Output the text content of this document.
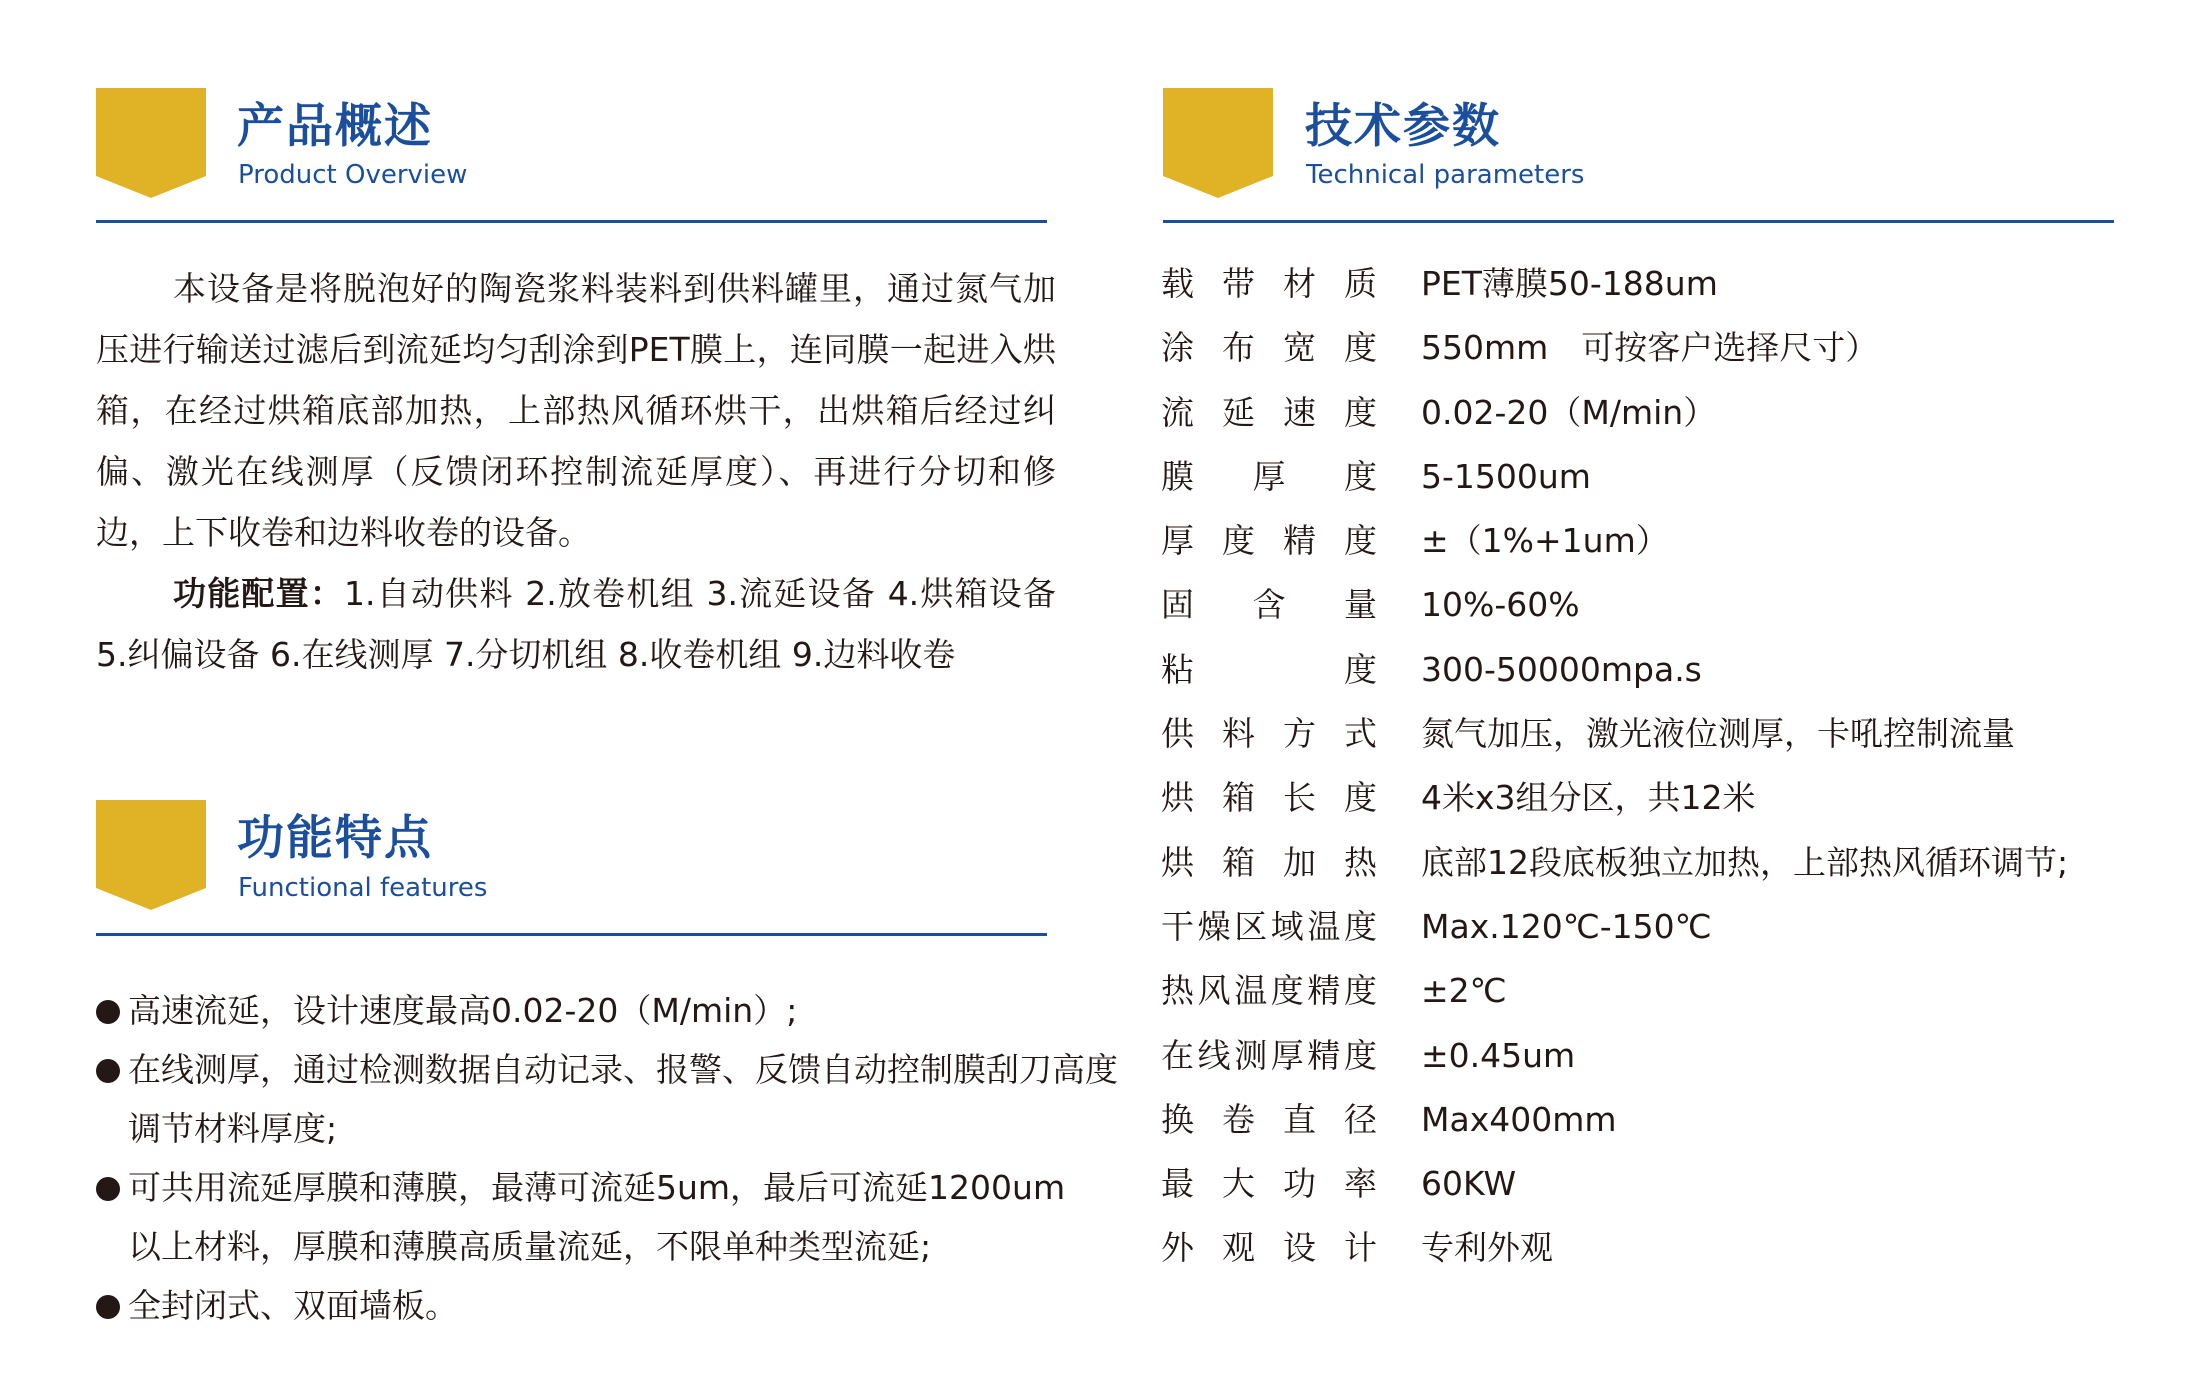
产品概述
Product Overview

本设备是将脱泡好的陶瓷浆料装料到供料罐里，通过氮气加压进行输送过滤后到流延均匀刮涂到PET膜上，连同膜一起进入烘箱，在经过烘箱底部加热，上部热风循环烘干，出烘箱后经过纠偏、激光在线测厚（反馈闭环控制流延厚度）、再进行分切和修边，上下收卷和边料收卷的设备。

功能配置：1.自动供料 2.放卷机组 3.流延设备 4.烘箱设备 5.纠偏设备 6.在线测厚 7.分切机组 8.收卷机组 9.边料收卷

功能特点
Functional features
高速流延，设计速度最高0.02-20（M/min）;
在线测厚，通过检测数据自动记录、报警、反馈自动控制膜刮刀高度调节材料厚度;
可共用流延厚膜和薄膜，最薄可流延5um，最后可流延1200um以上材料，厚膜和薄膜高质量流延，不限单种类型流延;
全封闭式、双面墙板。
技术参数
Technical parameters
载带材质 PET薄膜50-188um
涂布宽度 550mm　可按客户选择尺寸）
流延速度 0.02-20（M/min）
膜厚度 5-1500um
厚度精度 ±（1%+1um）
固含量 10%-60%
粘度 300-50000mpa.s
供料方式 氮气加压，激光液位测厚，卡吼控制流量
烘箱长度 4米x3组分区，共12米
烘箱加热 底部12段底板独立加热，上部热风循环调节;
干燥区域温度 Max.120℃-150℃
热风温度精度 ±2℃
在线测厚精度 ±0.45um
换卷直径 Max400mm
最大功率 60KW
外观设计 专利外观
